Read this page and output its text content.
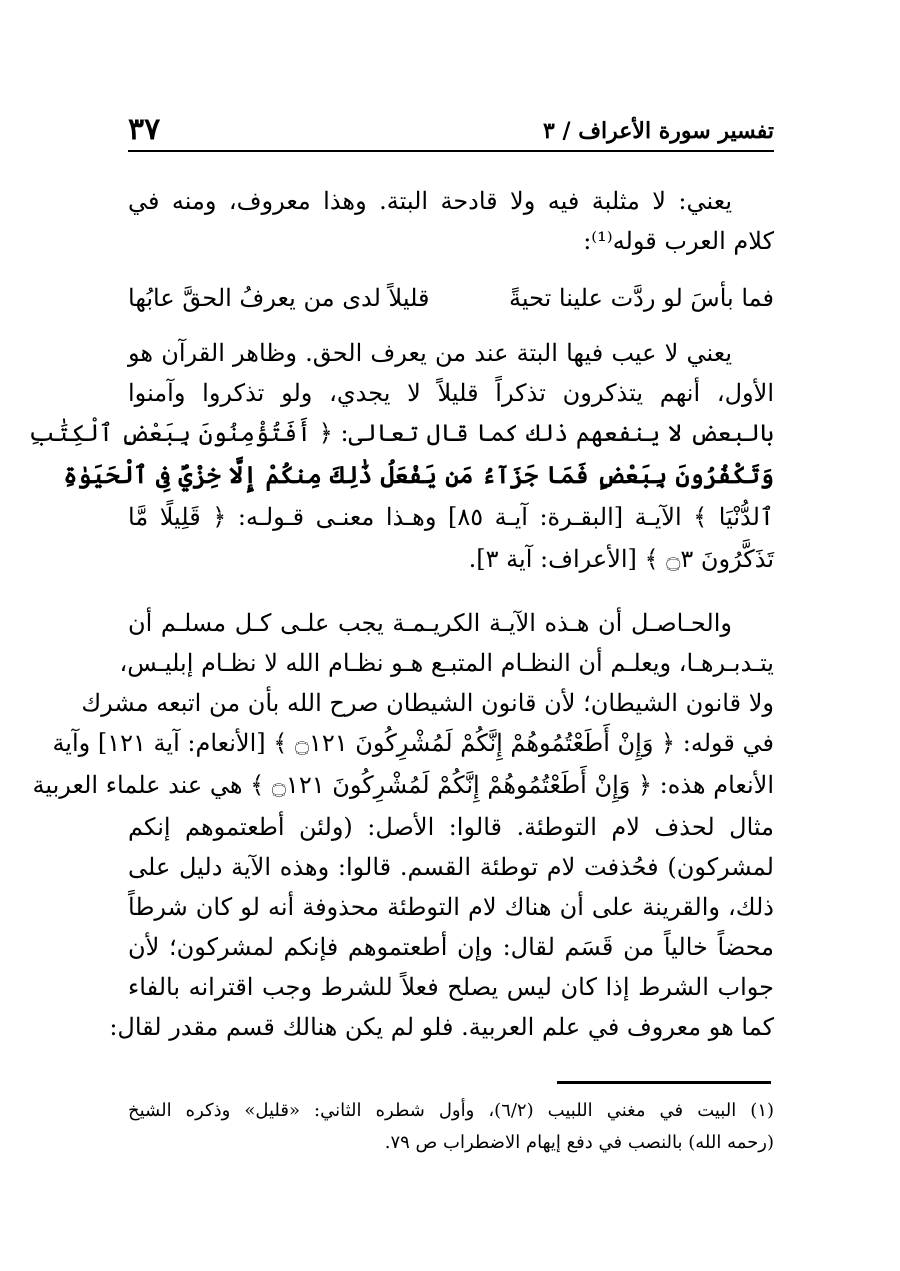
تفسير سورة الأعراف / ٣
٣٧
يعني: لا مثلبة فيه ولا قادحة البتة. وهذا معروف، ومنه في
كلام العرب قوله⁽¹⁾:
فما بأسَ لو ردَّت علينا تحيةً
قليلاً لدى من يعرفُ الحقَّ عابُها
يعني لا عيب فيها البتة عند من يعرف الحق. وظاهر القرآن هو
الأول، أنهم يتذكرون تذكراً قليلاً لا يجدي، ولو تذكروا وآمنوا
بالبعض لا ينفعهم ذلك كما قال تعالى: ﴿ أَفَتُؤْمِنُونَ بِبَعْضِ ٱلْكِتَٰبِ
وَتَكْفُرُونَ بِبَعْضٍ فَمَا جَزَآءُ مَن يَفْعَلُ ذَٰلِكَ مِنكُمْ إِلَّا خِزْيٌ فِى ٱلْحَيَوٰةِ
ٱلدُّنْيَا ﴾ الآيـة [البقـرة: آيـة ٨٥] وهـذا معنـى قـولـه: ﴿ قَلِيلًا مَّا
تَذَكَّرُونَ ۝٣ ﴾ [الأعراف: آية ٣].
والحـاصـل أن هـذه الآيـة الكريـمـة يجب علـى كـل مسلـم أن
يتـدبـرهـا، ويعلـم أن النظـام المتبـع هـو نظـام الله لا نظـام إبليـس،
ولا قانون الشيطان؛ لأن قانون الشيطان صرح الله بأن من اتبعه مشرك
في قوله: ﴿ وَإِنْ أَطَعْتُمُوهُمْ إِنَّكُمْ لَمُشْرِكُونَ ۝١٢١ ﴾ [الأنعام: آية ١٢١] وآية
الأنعام هذه: ﴿ وَإِنْ أَطَعْتُمُوهُمْ إِنَّكُمْ لَمُشْرِكُونَ ۝١٢١ ﴾ هي عند علماء العربية
مثال لحذف لام التوطئة. قالوا: الأصل: (ولئن أطعتموهم إنكم
لمشركون) فحُذفت لام توطئة القسم. قالوا: وهذه الآية دليل على
ذلك، والقرينة على أن هناك لام التوطئة محذوفة أنه لو كان شرطاً
محضاً خالياً من قَسَم لقال: وإن أطعتموهم فإنكم لمشركون؛ لأن
جواب الشرط إذا كان ليس يصلح فعلاً للشرط وجب اقترانه بالفاء
كما هو معروف في علم العربية. فلو لم يكن هنالك قسم مقدر لقال:
(١) البيت في مغني اللبيب (٦/٢)، وأول شطره الثاني: «قليل» وذكره الشيخ
(رحمه الله) بالنصب في دفع إيهام الاضطراب ص ٧٩.
